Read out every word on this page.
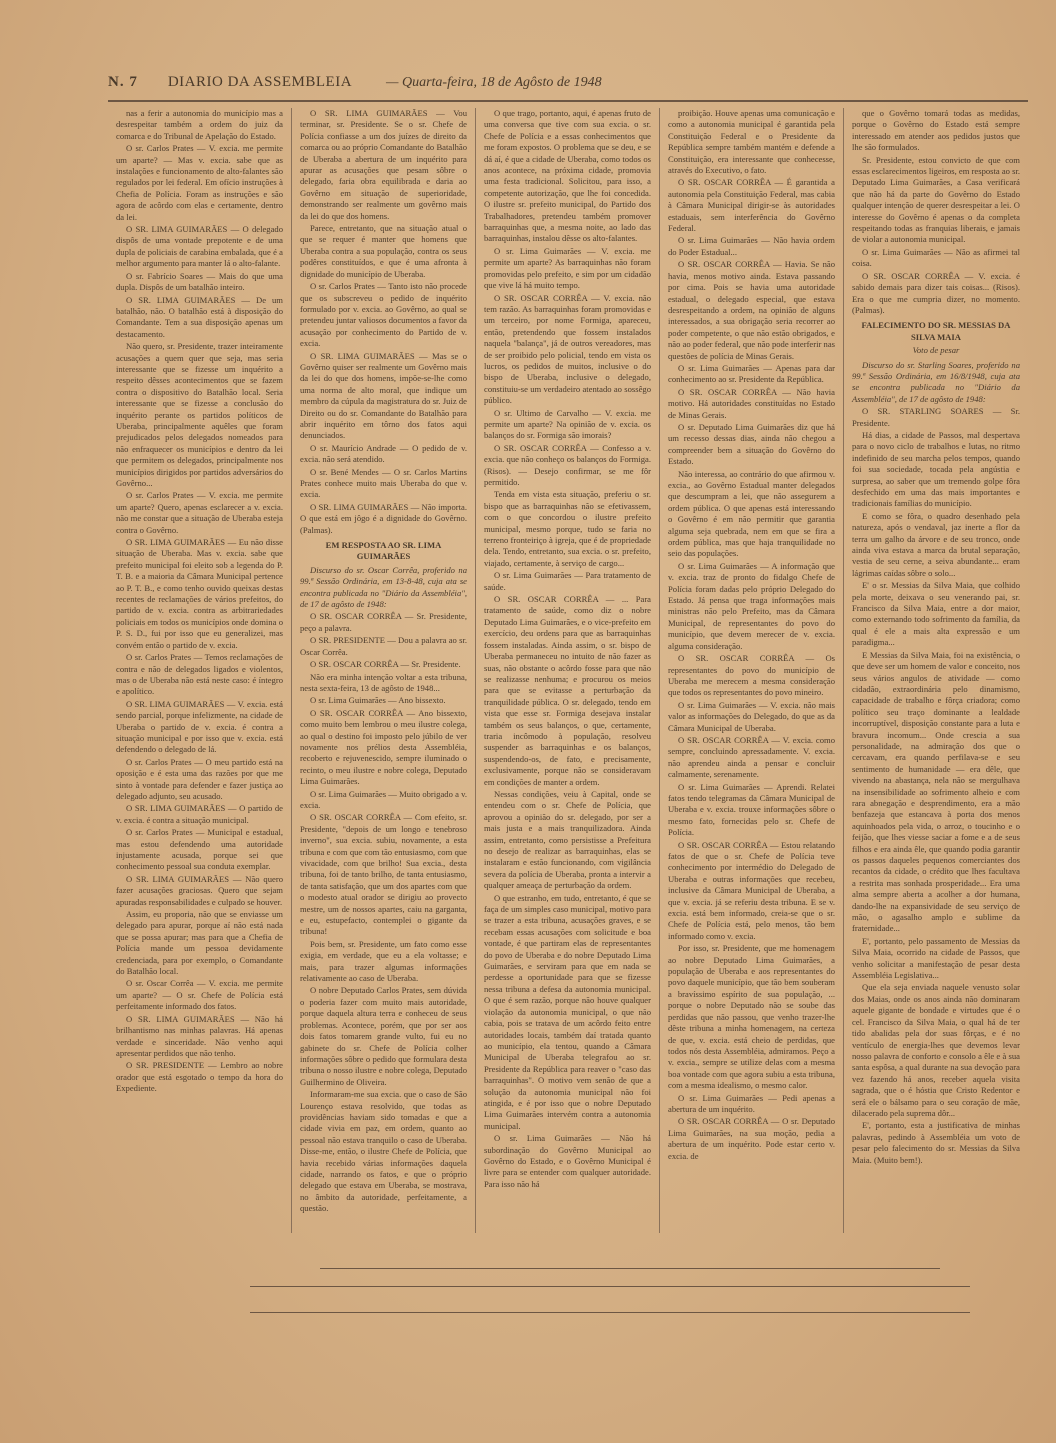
N. 7 DIARIO DA ASSEMBLEIA — Quarta-feira, 18 de Agôsto de 1948

nas a ferir a autonomia do município mas a desrespeitar também a ordem do juiz da comarca e do Tribunal de Apelação do Estado.

O sr. Carlos Prates — V. excia. me permite um aparte? — Mas v. excia. sabe que as instalações e funcionamento de alto-falantes são regulados por lei federal. Em ofício instruções à Chefia de Polícia. Foram as instruções e são agora de acôrdo com elas e certamente, dentro da lei.

O SR. LIMA GUIMARÃES — O delegado dispôs de uma vontade prepotente e de uma dupla de policiais de carabina embalada, que é a melhor argumento para manter lá o alto-falante.

O sr. Fabrício Soares — Mais do que uma dupla. Dispôs de um batalhão inteiro.

O SR. LIMA GUIMARÃES — De um batalhão, não. O batalhão está à disposição do Comandante. Tem a sua disposição apenas um destacamento.

Não quero, sr. Presidente, trazer inteiramente acusações a quem quer que seja, mas seria interessante que se fizesse um inquérito a respeito dêsses acontecimentos que se fazem contra o dispositivo do Batalhão local. Seria interessante que se fizesse a conclusão do inquérito perante os partidos políticos de Uberaba, principalmente aquêles que foram prejudicados pelos delegados nomeados para não enfraquecer os municípios e dentro da lei que permitem os delegados, principalmente nos municípios dirigidos por partidos adversários do Govêrno...

O sr. Carlos Prates — V. excia. me permite um aparte? Quero, apenas esclarecer a v. excia. não me constar que a situação de Uberaba esteja contra o Govêrno.

O SR. LIMA GUIMARÃES — Eu não disse situação de Uberaba. Mas v. excia. sabe que prefeito municipal foi eleito sob a legenda do P. T. B. e a maioria da Câmara Municipal pertence ao P. T. B., e como tenho ouvido queixas destas recentes de reclamações de vários prefeitos, do partido de v. excia. contra as arbitrariedades policiais em todos os municípios onde domina o P. S. D., fui por isso que eu generalizei, mas convém então o partido de v. excia.

O sr. Carlos Prates — Temos reclamações de contra e não de delegados ligados e violentos, mas o de Uberaba não está neste caso: é íntegro e apolítico.

O SR. LIMA GUIMARÃES — V. excia. está sendo parcial, porque infelizmente, na cidade de Uberaba o partido de v. excia. é contra a situação municipal e por isso que v. excia. está defendendo o delegado de lá.

O sr. Carlos Prates — O meu partido está na oposição e é esta uma das razões por que me sinto à vontade para defender e fazer justiça ao delegado adjunto, seu acusado.

O SR. LIMA GUIMARÃES — O partido de v. excia. é contra a situação municipal.

O sr. Carlos Prates — Municipal e estadual, mas estou defendendo uma autoridade injustamente acusada, porque sei que conhecimento pessoal sua conduta exemplar.

O SR. LIMA GUIMARÃES — Não quero fazer acusações graciosas. Quero que sejam apuradas responsabilidades e culpado se houver.

Assim, eu proporia, não que se enviasse um delegado para apurar, porque aí não está nada que se possa apurar; mas para que a Chefia de Polícia mande um pessoa devidamente credenciada, para por exemplo, o Comandante do Batalhão local.

O sr. Oscar Corrêa — V. excia. me permite um aparte? — O sr. Chefe de Polícia está perfeitamente informado dos fatos.

O SR. LIMA GUIMARÃES — Não há brilhantismo nas minhas palavras. Há apenas verdade e sinceridade. Não venho aqui apresentar perdidos que não tenho.

O SR. PRESIDENTE — Lembro ao nobre orador que está esgotado o tempo da hora do Expediente.

O SR. LIMA GUIMARÃES — Vou terminar, sr. Presidente. Se o sr. Chefe de Polícia confiasse a um dos juízes de direito da comarca ou ao próprio Comandante do Batalhão de Uberaba a abertura de um inquérito para apurar as acusações que pesam sôbre o delegado, faria obra equilibrada e daria ao Govêrno em situação de superioridade, demonstrando ser realmente um govêrno mais da lei do que dos homens.

Parece, entretanto, que na situação atual o que se requer é manter que homens que Uberaba contra a sua população, contra os seus podêres constituídos, e que é uma afronta à dignidade do município de Uberaba.

O sr. Carlos Prates — Tanto isto não procede que os subscreveu o pedido de inquérito formulado por v. excia. ao Govêrno, ao qual se pretendeu juntar valiosos documentos a favor da acusação por conhecimento do Partido de v. excia.

O SR. LIMA GUIMARÃES — Mas se o Govêrno quiser ser realmente um Govêrno mais da lei do que dos homens, impõe-se-lhe como uma norma de alto moral, que indique um membro da cúpula da magistratura do sr. Juiz de Direito ou do sr. Comandante do Batalhão para abrir inquérito em tôrno dos fatos aqui denunciados.

O sr. Maurício Andrade — O pedido de v. excia. não será atendido.

O sr. Bené Mendes — O sr. Carlos Martins Prates conhece muito mais Uberaba do que v. excia.

O SR. LIMA GUIMARÃES — Não importa. O que está em jôgo é a dignidade do Govêrno. (Palmas).

EM RESPOSTA AO SR. LIMA GUIMARÃES

Discurso do sr. Oscar Corrêa, proferido na 99.ª Sessão Ordinária, em 13-8-48, cuja ata se encontra publicada no "Diário da Assembléia", de 17 de agôsto de 1948:

O SR. OSCAR CORRÊA — Sr. Presidente, peço a palavra.

O SR. PRESIDENTE — Dou a palavra ao sr. Oscar Corrêa.

O SR. OSCAR CORRÊA — Sr. Presidente.

Não era minha intenção voltar a esta tribuna, nesta sexta-feira, 13 de agôsto de 1948...

O sr. Lima Guimarães — Ano bissexto.

O SR. OSCAR CORRÊA — Ano bissexto, como muito bem lembrou o meu ilustre colega, ao qual o destino foi imposto pelo júbilo de ver novamente nos prélios desta Assembléia, recoberto e rejuvenescido, sempre iluminado o recinto, o meu ilustre e nobre colega, Deputado Lima Guimarães.

O sr. Lima Guimarães — Muito obrigado a v. excia.

O SR. OSCAR CORRÊA — Com efeito, sr. Presidente, "depois de um longo e tenebroso inverno", sua excia. subiu, novamente, a esta tribuna e com que com tão entusiasmo, com que vivacidade, com que brilho! Sua excia., desta tribuna, foi de tanto brilho, de tanta entusiasmo, de tanta satisfação, que um dos apartes com que o modesto atual orador se dirigiu ao provecto mestre, um de nossos apartes, caiu na garganta, e eu, estupefacto, contemplei o gigante da tribuna!

Pois bem, sr. Presidente, um fato como esse exigia, em verdade, que eu a ela voltasse; e mais, para trazer algumas informações relativamente ao caso de Uberaba.

O nobre Deputado Carlos Prates, sem dúvida o poderia fazer com muito mais autoridade, porque daquela altura terra e conheceu de seus problemas. Acontece, porém, que por ser aos dois fatos tomarem grande vulto, fui eu no gabinete do sr. Chefe de Polícia colher informações sôbre o pedido que formulara desta tribuna o nosso ilustre e nobre colega, Deputado Guilhermino de Oliveira.

Informaram-me sua excia. que o caso de São Lourenço estava resolvido, que todas as providências haviam sido tomadas e que a cidade vivia em paz, em ordem, quanto ao pessoal não estava tranquilo o caso de Uberaba. Disse-me, então, o ilustre Chefe de Polícia, que havia recebido várias informações daquela cidade, narrando os fatos, e que o próprio delegado que estava em Uberaba, se mostrava, no âmbito da autoridade, perfeitamente, a questão.

O que trago, portanto, aqui, é apenas fruto de uma conversa que tive com sua excia. o sr. Chefe de Polícia e a essas conhecimentos que me foram expostos. O problema que se deu, e se dá aí, é que a cidade de Uberaba, como todos os anos acontece, na próxima cidade, promovia uma festa tradicional. Solicitou, para isso, a competente autorização, que lhe foi concedida. O ilustre sr. prefeito municipal, do Partido dos Trabalhadores, pretendeu também promover barraquinhas que, a mesma noite, ao lado das barraquinhas, instalou dêsse os alto-falantes.

O sr. Lima Guimarães — V. excia. me permite um aparte? As barraquinhas não foram promovidas pelo prefeito, e sim por um cidadão que vive lá há muito tempo.

O SR. OSCAR CORRÊA — V. excia. não tem razão. As barraquinhas foram promovidas e um terceiro, por nome Formiga, apareceu, então, pretendendo que fossem instalados naquela "balança", já de outros vereadores, mas de ser proibido pelo policial, tendo em vista os lucros, os pedidos de muitos, inclusive o do bispo de Uberaba, inclusive o delegado, constituiu-se um verdadeiro atentado ao sossêgo público.

O sr. Ultimo de Carvalho — V. excia. me permite um aparte? Na opinião de v. excia. os balanços do sr. Formiga são imorais?

O SR. OSCAR CORRÊA — Confesso a v. excia. que não conheço os balanços do Formiga. (Risos). — Desejo confirmar, se me fôr permitido.

Tenda em vista esta situação, preferiu o sr. bispo que as barraquinhas não se efetivassem, com o que concordou o ilustre prefeito municipal, mesmo porque, tudo se faria no terreno fronteiriço à igreja, que é de propriedade dela. Tendo, entretanto, sua excia. o sr. prefeito, viajado, certamente, à serviço de cargo...

O sr. Lima Guimarães — Para tratamento de saúde.

O SR. OSCAR CORRÊA — ... Para tratamento de saúde, como diz o nobre Deputado Lima Guimarães, e o vice-prefeito em exercício, deu ordens para que as barraquinhas fossem instaladas. Ainda assim, o sr. bispo de Uberaba permaneceu no intuito de não fazer as suas, não obstante o acôrdo fosse para que não se realizasse nenhuma; e procurou os meios para que se evitasse a perturbação da tranquilidade pública. O sr. delegado, tendo em vista que esse sr. Formiga desejava instalar também os seus balanços, o que, certamente, traria incômodo à população, resolveu suspender as barraquinhas e os balanços, suspendendo-os, de fato, e precisamente, exclusivamente, porque não se consideravam em condições de manter a ordem.

Nessas condições, veiu à Capital, onde se entendeu com o sr. Chefe de Polícia, que aprovou a opinião do sr. delegado, por ser a mais justa e a mais tranquilizadora. Ainda assim, entretanto, como persistisse a Prefeitura no desejo de realizar as barraquinhas, elas se instalaram e estão funcionando, com vigilância severa da polícia de Uberaba, pronta a intervir a qualquer ameaça de perturbação da ordem.

O que estranho, em tudo, entretanto, é que se faça de um simples caso municipal, motivo para se trazer a esta tribuna, acusações graves, e se recebam essas acusações com solicitude e boa vontade, é que partiram elas de representantes do povo de Uberaba e do nobre Deputado Lima Guimarães, e serviram para que em nada se perdesse a oportunidade para que se fizesse nessa tribuna a defesa da autonomia municipal. O que é sem razão, porque não houve qualquer violação da autonomia municipal, o que não cabia, pois se tratava de um acôrdo feito entre autoridades locais, também daí tratada quanto ao município, ela tentou, quando a Câmara Municipal de Uberaba telegrafou ao sr. Presidente da República para reaver o "caso das barraquinhas". O motivo vem senão de que a solução da autonomia municipal não foi atingida, e é por isso que o nobre Deputado Lima Guimarães intervém contra a autonomia municipal.

O sr. Lima Guimarães — Não há subordinação do Govêrno Municipal ao Govêrno do Estado, e o Govêrno Municipal é livre para se entender com qualquer autoridade. Para isso não há

proibição. Houve apenas uma comunicação e como a autonomia municipal é garantida pela Constituição Federal e o Presidente da República sempre também mantém e defende a Constituição, era interessante que conhecesse, através do Executivo, o fato.

O SR. OSCAR CORRÊA — É garantida a autonomia pela Constituição Federal, mas cabia à Câmara Municipal dirigir-se às autoridades estaduais, sem interferência do Govêrno Federal.

O sr. Lima Guimarães — Não havia ordem do Poder Estadual...

O SR. OSCAR CORRÊA — Havia. Se não havia, menos motivo ainda. Estava passando por cima. Pois se havia uma autoridade estadual, o delegado especial, que estava desrespeitando a ordem, na opinião de alguns interessados, a sua obrigação seria recorrer ao poder competente, o que não estão obrigados, e não ao poder federal, que não pode interferir nas questões de polícia de Minas Gerais.

O sr. Lima Guimarães — Apenas para dar conhecimento ao sr. Presidente da República.

O SR. OSCAR CORRÊA — Não havia motivo. Há autoridades constituídas no Estado de Minas Gerais.

O sr. Deputado Lima Guimarães diz que há um recesso dessas dias, ainda não chegou a compreender bem a situação do Govêrno do Estado.

Não interessa, ao contrário do que afirmou v. excia., ao Govêrno Estadual manter delegados que descumpram a lei, que não assegurem a ordem pública. O que apenas está interessando o Govêrno é em não permitir que garantia alguma seja quebrada, nem em que se fira a ordem pública, mas que haja tranquilidade no seio das populações.

O sr. Lima Guimarães — A informação que v. excia. traz de pronto do fidalgo Chefe de Polícia foram dadas pelo próprio Delegado do Estado. Já pensa que traga informações mais ministras não pelo Prefeito, mas da Câmara Municipal, de representantes do povo do município, que devem merecer de v. excia. alguma consideração.

O SR. OSCAR CORRÊA — Os representantes do povo do município de Uberaba me merecem a mesma consideração que todos os representantes do povo mineiro.

O sr. Lima Guimarães — V. excia. não mais valor as informações do Delegado, do que as da Câmara Municipal de Uberaba.

O SR. OSCAR CORRÊA — V. excia. como sempre, concluindo apressadamente. V. excia. não aprendeu ainda a pensar e concluir calmamente, serenamente.

O sr. Lima Guimarães — Aprendi. Relatei fatos tendo telegramas da Câmara Municipal de Uberaba e v. excia. trouxe informações sôbre o mesmo fato, fornecidas pelo sr. Chefe de Polícia.

O SR. OSCAR CORRÊA — Estou relatando fatos de que o sr. Chefe de Polícia teve conhecimento por intermédio do Delegado de Uberaba e outras informações que recebeu, inclusive da Câmara Municipal de Uberaba, a que v. excia. já se referiu desta tribuna. E se v. excia. está bem informado, creia-se que o sr. Chefe de Polícia está, pelo menos, tão bem informado como v. excia.

Por isso, sr. Presidente, que me homenagem ao nobre Deputado Lima Guimarães, a população de Uberaba e aos representantes do povo daquele município, que tão bem souberam a bravíssimo espírito de sua população, ... porque o nobre Deputado não se soube das perdidas que não passou, que venho trazer-lhe dêste tribuna a minha homenagem, na certeza de que, v. excia. está cheio de perdidas, que todos nós desta Assembléia, admiramos. Peço a v. excia., sempre se utilize delas com a mesma boa vontade com que agora subiu a esta tribuna, com a mesma idealismo, o mesmo calor.

O sr. Lima Guimarães — Pedi apenas a abertura de um inquérito.

O SR. OSCAR CORRÊA — O sr. Deputado Lima Guimarães, na sua moção, pedia a abertura de um inquérito. Pode estar certo v. excia. de

que o Govêrno tomará todas as medidas, porque o Govêrno do Estado está sempre interessado em atender aos pedidos justos que lhe são formulados.

Sr. Presidente, estou convicto de que com essas esclarecimentos ligeiros, em resposta ao sr. Deputado Lima Guimarães, a Casa verificará que não há da parte do Govêrno do Estado qualquer intenção de querer desrespeitar a lei. O interesse do Govêrno é apenas o da completa respeitando todas as franquias liberais, e jamais de violar a autonomia municipal.

O sr. Lima Guimarães — Não as afirmei tal coisa.

O SR. OSCAR CORRÊA — V. excia. é sabido demais para dizer tais coisas... (Risos). Era o que me cumpria dizer, no momento. (Palmas).

FALECIMENTO DO SR. MESSIAS DA SILVA MAIA

Voto de pesar

Discurso do sr. Starling Soares, proferido na 99.ª Sessão Ordinária, em 16/8/1948, cuja ata se encontra publicada no "Diário da Assembléia", de 17 de agôsto de 1948:

O SR. STARLING SOARES — Sr. Presidente.

Há dias, a cidade de Passos, mal despertava para o novo ciclo de trabalhos e lutas, no ritmo indefinido de seu marcha pelos tempos, quando foi sua sociedade, tocada pela angústia e surpresa, ao saber que um tremendo golpe fôra desfechido em uma das mais importantes e tradicionais famílias do município.

E como se fôra, o quadro desenhado pela natureza, após o vendaval, jaz inerte a flor da terra um galho da árvore e de seu tronco, onde ainda viva estava a marca da brutal separação, vestia de seu cerne, a seiva abundante... eram lágrimas caídas sôbre o solo...

E' o sr. Messias da Silva Maia, que colhido pela morte, deixava o seu venerando pai, sr. Francisco da Silva Maia, entre a dor maior, como externando todo sofrimento da família, da qual é ele a mais alta expressão e um paradigma...

E Messias da Silva Maia, foi na existência, o que deve ser um homem de valor e conceito, nos seus vários angulos de atividade — como cidadão, extraordinária pelo dinamismo, capacidade de trabalho e fôrça criadora; como político seu traço dominante a lealdade incorruptível, disposição constante para a luta e bravura incomum... Onde crescia a sua personalidade, na admiração dos que o cercavam, era quando perfilava-se e seu sentimento de humanidade — era dêle, que vivendo na abastança, nela não se mergulhava na insensibilidade ao sofrimento alheio e com rara abnegação e desprendimento, era a mão benfazeja que estancava à porta dos menos aquinhoados pela vida, o arroz, o toucinho e o feijão, que lhes viesse saciar a fome e a de seus filhos e era ainda êle, que quando podia garantir os passos daqueles pequenos comerciantes dos recantos da cidade, o crédito que lhes facultava a restrita mas sonhada prosperidade... Era uma alma sempre aberta a acolher a dor humana, dando-lhe na expansividade de seu serviço de mão, o agasalho amplo e sublime da fraternidade...

E', portanto, pelo passamento de Messias da Silva Maia, ocorrido na cidade de Passos, que venho solicitar a manifestação de pesar desta Assembléia Legislativa...

Que ela seja enviada naquele venusto solar dos Maias, onde os anos ainda não dominaram aquele gigante de bondade e virtudes que é o cel. Francisco da Silva Maia, o qual há de ter tido abalidas pela dor suas fôrças, e é no ventículo de energia-lhes que devemos levar nosso palavra de conforto e consolo a êle e à sua santa espôsa, a qual durante na sua devoção para vez fazendo há anos, receber aquela visita sagrada, que o é hóstia que Cristo Redentor e será ele o bálsamo para o seu coração de mãe, dilacerado pela suprema dôr...

E', portanto, esta a justificativa de minhas palavras, pedindo à Assembléia um voto de pesar pelo falecimento do sr. Messias da Silva Maia. (Muito bem!).
